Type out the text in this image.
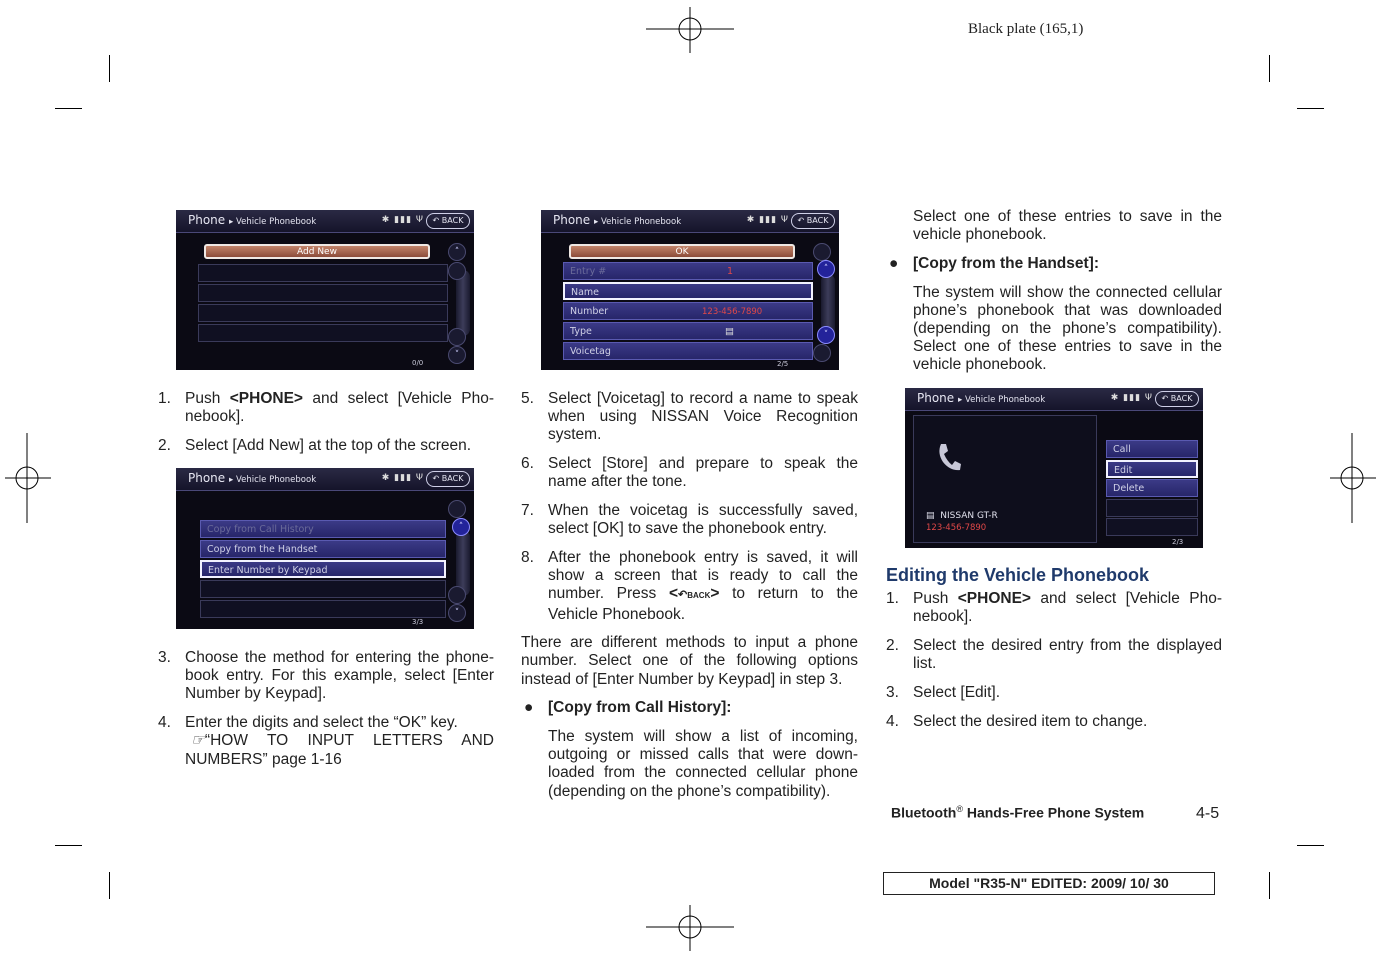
Black plate (165,1)
Phone ▸ Vehicle Phonebook	✱ ▮▮▮ Ψ	↶ BACK
Add New	˄
˅
0/0
Phone ▸ Vehicle Phonebook	✱ ▮▮▮ Ψ	↶ BACK
Copy from Call History
Copy from the Handset
Enter Number by Keypad
˄
˅
3/3
Phone ▸ Vehicle Phonebook	✱ ▮▮▮ Ψ	↶ BACK
OK
Entry #	1
Name
Number	123-456-7890
Type	▤
Voicetag
˄
˅
2/5
Phone ▸ Vehicle Phonebook	✱ ▮▮▮ Ψ	↶ BACK
▤  NISSAN GT-R
123-456-7890
Call
Edit
Delete
2/3
1. Push <PHONE> and select [Vehicle Pho-nebook].
2. Select [Add New] at the top of the screen.
3. Choose the method for entering the phone-book entry. For this example, select [Enter Number by Keypad].
4. Enter the digits and select the “OK” key.
☞“HOW TO INPUT LETTERS AND NUMBERS” page 1-16
5. Select [Voicetag] to record a name to speak when using NISSAN Voice Recognition system.
6. Select [Store] and prepare to speak the name after the tone.
7. When the voicetag is successfully saved, select [OK] to save the phonebook entry.
8. After the phonebook entry is saved, it will show a screen that is ready to call the number. Press <↶BACK> to return to the Vehicle Phonebook.
There are different methods to input a phone number. Select one of the following options instead of [Enter Number by Keypad] in step 3.
● [Copy from Call History]:
The system will show a list of incoming, outgoing or missed calls that were down-loaded from the connected cellular phone (depending on the phone’s compatibility).
Select one of these entries to save in the vehicle phonebook.
● [Copy from the Handset]:
The system will show the connected cellular phone’s phonebook that was downloaded (depending on the phone’s compatibility). Select one of these entries to save in the vehicle phonebook.
Editing the Vehicle Phonebook
1. Push <PHONE> and select [Vehicle Pho-nebook].
2. Select the desired entry from the displayed list.
3. Select [Edit].
4. Select the desired item to change.
Bluetooth® Hands-Free Phone System	4-5
Model "R35-N" EDITED: 2009/ 10/ 30
